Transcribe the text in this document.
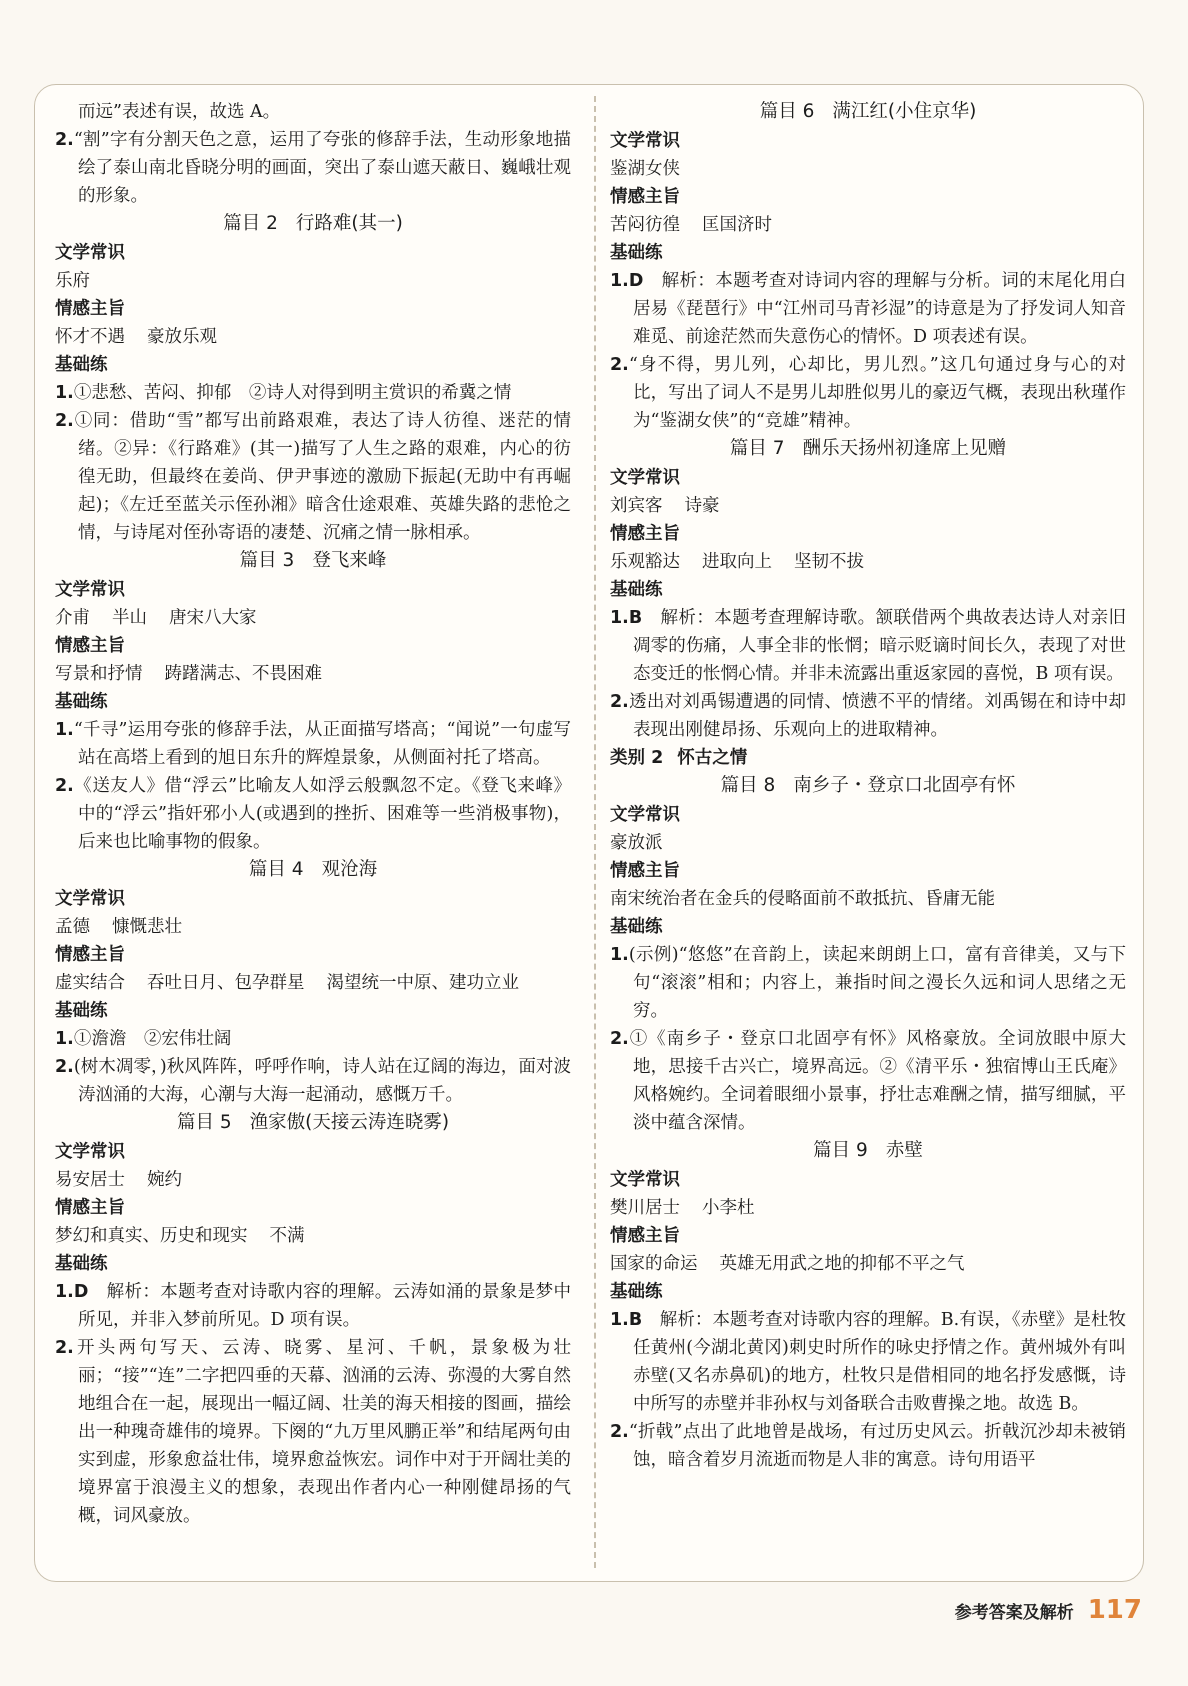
而远”表述有误，故选 A。
2.“割”字有分割天色之意，运用了夸张的修辞手法，生动形象地描绘了泰山南北昏晓分明的画面，突出了泰山遮天蔽日、巍峨壮观的形象。
篇目 2 行路难(其一)
文学常识
乐府
情感主旨
怀才不遇 豪放乐观
基础练
1.①悲愁、苦闷、抑郁　②诗人对得到明主赏识的希冀之情
2.①同：借助“雪”都写出前路艰难，表达了诗人彷徨、迷茫的情绪。②异：《行路难》(其一)描写了人生之路的艰难，内心的彷徨无助，但最终在姜尚、伊尹事迹的激励下振起(无助中有再崛起)；《左迁至蓝关示侄孙湘》暗含仕途艰难、英雄失路的悲怆之情，与诗尾对侄孙寄语的凄楚、沉痛之情一脉相承。
篇目 3 登飞来峰
文学常识
介甫 半山 唐宋八大家
情感主旨
写景和抒情 踌躇满志、不畏困难
基础练
1.“千寻”运用夸张的修辞手法，从正面描写塔高；“闻说”一句虚写站在高塔上看到的旭日东升的辉煌景象，从侧面衬托了塔高。
2.《送友人》借“浮云”比喻友人如浮云般飘忽不定。《登飞来峰》中的“浮云”指奸邪小人(或遇到的挫折、困难等一些消极事物)，后来也比喻事物的假象。
篇目 4 观沧海
文学常识
孟德 慷慨悲壮
情感主旨
虚实结合 吞吐日月、包孕群星 渴望统一中原、建功立业
基础练
1.①澹澹　②宏伟壮阔
2.(树木凋零，)秋风阵阵，呼呼作响，诗人站在辽阔的海边，面对波涛汹涌的大海，心潮与大海一起涌动，感慨万千。
篇目 5 渔家傲(天接云涛连晓雾)
文学常识
易安居士 婉约
情感主旨
梦幻和真实、历史和现实 不满
基础练
1.D　解析：本题考查对诗歌内容的理解。云涛如涌的景象是梦中所见，并非入梦前所见。D 项有误。
2.开头两句写天、云涛、晓雾、星河、千帆，景象极为壮丽；“接”“连”二字把四垂的天幕、汹涌的云涛、弥漫的大雾自然地组合在一起，展现出一幅辽阔、壮美的海天相接的图画，描绘出一种瑰奇雄伟的境界。下阕的“九万里风鹏正举”和结尾两句由实到虚，形象愈益壮伟，境界愈益恢宏。词作中对于开阔壮美的境界富于浪漫主义的想象，表现出作者内心一种刚健昂扬的气概，词风豪放。
篇目 6 满江红(小住京华)
文学常识
鉴湖女侠
情感主旨
苦闷彷徨 匡国济时
基础练
1.D　解析：本题考查对诗词内容的理解与分析。词的末尾化用白居易《琵琶行》中“江州司马青衫湿”的诗意是为了抒发词人知音难觅、前途茫然而失意伤心的情怀。D 项表述有误。
2.“身不得，男儿列，心却比，男儿烈。”这几句通过身与心的对比，写出了词人不是男儿却胜似男儿的豪迈气概，表现出秋瑾作为“鉴湖女侠”的“竞雄”精神。
篇目 7 酬乐天扬州初逢席上见赠
文学常识
刘宾客 诗豪
情感主旨
乐观豁达 进取向上 坚韧不拔
基础练
1.B　解析：本题考查理解诗歌。颔联借两个典故表达诗人对亲旧凋零的伤痛，人事全非的怅惘；暗示贬谪时间长久，表现了对世态变迁的怅惘心情。并非未流露出重返家园的喜悦，B 项有误。
2.透出对刘禹锡遭遇的同情、愤懑不平的情绪。刘禹锡在和诗中却表现出刚健昂扬、乐观向上的进取精神。
类别 2 怀古之情
篇目 8 南乡子・登京口北固亭有怀
文学常识
豪放派
情感主旨
南宋统治者在金兵的侵略面前不敢抵抗、昏庸无能
基础练
1.(示例)“悠悠”在音韵上，读起来朗朗上口，富有音律美，又与下句“滚滚”相和；内容上，兼指时间之漫长久远和词人思绪之无穷。
2.①《南乡子・登京口北固亭有怀》风格豪放。全词放眼中原大地，思接千古兴亡，境界高远。②《清平乐・独宿博山王氏庵》风格婉约。全词着眼细小景事，抒壮志难酬之情，描写细腻，平淡中蕴含深情。
篇目 9 赤壁
文学常识
樊川居士 小李杜
情感主旨
国家的命运 英雄无用武之地的抑郁不平之气
基础练
1.B　解析：本题考查对诗歌内容的理解。B.有误，《赤壁》是杜牧任黄州(今湖北黄冈)刺史时所作的咏史抒情之作。黄州城外有叫赤壁(又名赤鼻矶)的地方，杜牧只是借相同的地名抒发感慨，诗中所写的赤壁并非孙权与刘备联合击败曹操之地。故选 B。
2.“折戟”点出了此地曾是战场，有过历史风云。折戟沉沙却未被销蚀，暗含着岁月流逝而物是人非的寓意。诗句用语平
参考答案及解析 117
